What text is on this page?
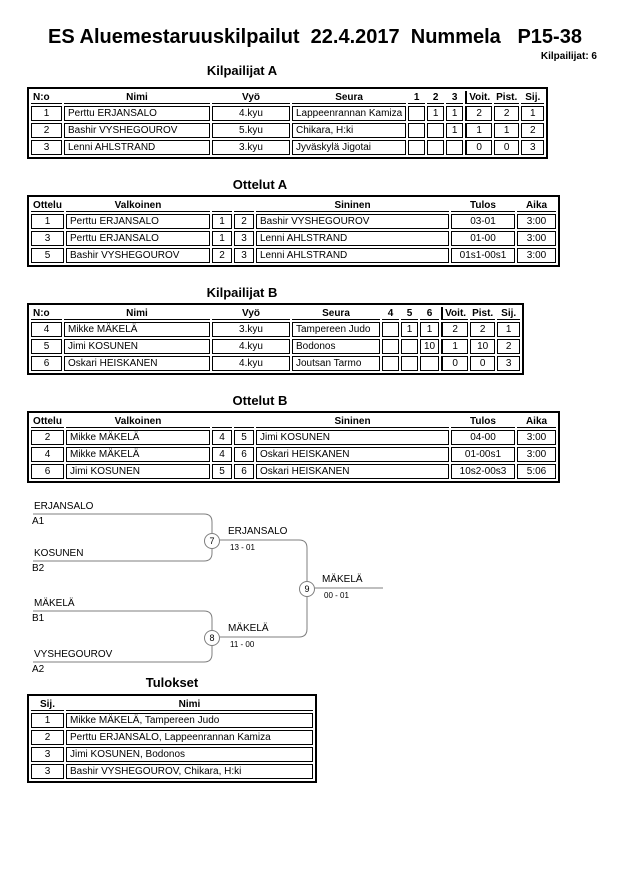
ES Aluemestaruuskilpailut  22.4.2017  Nummela   P15-38
Kilpailijat: 6
Kilpailijat A
N:o	Nimi	Vyö	Seura	1	2	3	Voit.	Pist.	Sij.
1	Perttu ERJANSALO	4.kyu	Lappeenrannan Kamiza		1	1	2	2	1
2	Bashir VYSHEGOUROV	5.kyu	Chikara, H:ki			1	1	1	2
3	Lenni AHLSTRAND	3.kyu	Jyväskylä Jigotai				0	0	3
Ottelut A
Ottelu	Valkoinen			Sininen	Tulos	Aika
1	Perttu ERJANSALO	1	2	Bashir VYSHEGOUROV	03-01	3:00
3	Perttu ERJANSALO	1	3	Lenni AHLSTRAND	01-00	3:00
5	Bashir VYSHEGOUROV	2	3	Lenni AHLSTRAND	01s1-00s1	3:00
Kilpailijat B
N:o	Nimi	Vyö	Seura	4	5	6	Voit.	Pist.	Sij.
4	Mikke MÄKELÄ	3.kyu	Tampereen Judo		1	1	2	2	1
5	Jimi KOSUNEN	4.kyu	Bodonos			10	1	10	2
6	Oskari HEISKANEN	4.kyu	Joutsan Tarmo				0	0	3
Ottelut B
Ottelu	Valkoinen			Sininen	Tulos	Aika
2	Mikke MÄKELÄ	4	5	Jimi KOSUNEN	04-00	3:00
4	Mikke MÄKELÄ	4	6	Oskari HEISKANEN	01-00s1	3:00
6	Jimi KOSUNEN	5	6	Oskari HEISKANEN	10s2-00s3	5:06
ERJANSALO
A1
KOSUNEN
B2
MÄKELÄ
B1
VYSHEGOUROV
A2
7
ERJANSALO
13 - 01
8
MÄKELÄ
11 - 00
9
MÄKELÄ
00 - 01
Tulokset
Sij.	Nimi
1	Mikke MÄKELÄ, Tampereen Judo
2	Perttu ERJANSALO, Lappeenrannan Kamiza
3	Jimi KOSUNEN, Bodonos
3	Bashir VYSHEGOUROV, Chikara, H:ki
